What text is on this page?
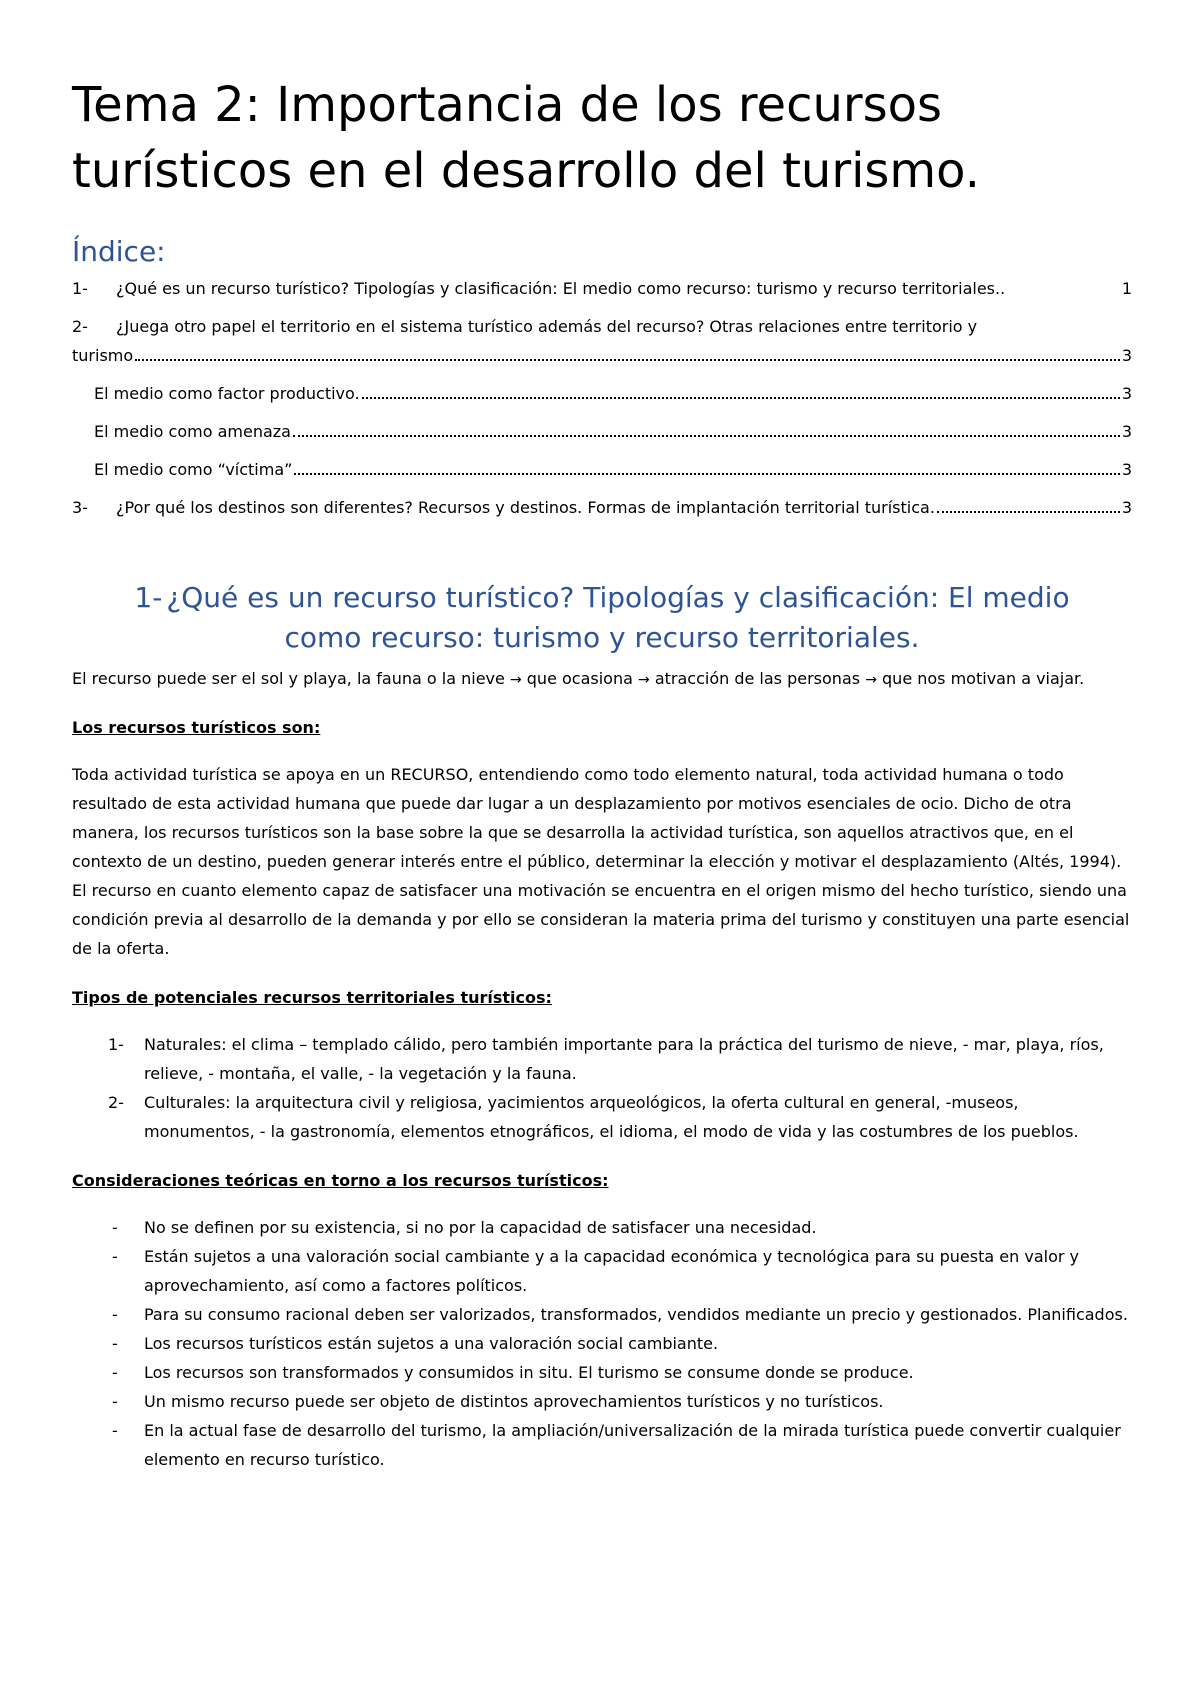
Tema 2: Importancia de los recursos turísticos en el desarrollo del turismo.
Índice:
1-	¿Qué es un recurso turístico? Tipologías y clasificación: El medio como recurso: turismo y recurso territoriales..	1
2-	¿Juega otro papel el territorio en el sistema turístico además del recurso? Otras relaciones entre territorio y
turismo	3
El medio como factor productivo.	3
El medio como amenaza	3
El medio como “víctima”	3
3-	¿Por qué los destinos son diferentes? Recursos y destinos. Formas de implantación territorial turística.	3
1- ¿Qué es un recurso turístico? Tipologías y clasificación: El medio como recurso: turismo y recurso territoriales.

El recurso puede ser el sol y playa, la fauna o la nieve → que ocasiona → atracción de las personas → que nos motivan a viajar.

Los recursos turísticos son:

Toda actividad turística se apoya en un RECURSO, entendiendo como todo elemento natural, toda actividad humana o todo resultado de esta actividad humana que puede dar lugar a un desplazamiento por motivos esenciales de ocio. Dicho de otra manera, los recursos turísticos son la base sobre la que se desarrolla la actividad turística, son aquellos atractivos que, en el contexto de un destino, pueden generar interés entre el público, determinar la elección y motivar el desplazamiento (Altés, 1994). El recurso en cuanto elemento capaz de satisfacer una motivación se encuentra en el origen mismo del hecho turístico, siendo una condición previa al desarrollo de la demanda y por ello se consideran la materia prima del turismo y constituyen una parte esencial de la oferta.

Tipos de potenciales recursos territoriales turísticos:

1-	Naturales: el clima – templado cálido, pero también importante para la práctica del turismo de nieve, - mar, playa, ríos, relieve, - montaña, el valle, - la vegetación y la fauna.
2-	Culturales: la arquitectura civil y religiosa, yacimientos arqueológicos, la oferta cultural en general, -museos, monumentos, - la gastronomía, elementos etnográficos, el idioma, el modo de vida y las costumbres de los pueblos.

Consideraciones teóricas en torno a los recursos turísticos:

-	No se definen por su existencia, si no por la capacidad de satisfacer una necesidad.
-	Están sujetos a una valoración social cambiante y a la capacidad económica y tecnológica para su puesta en valor y aprovechamiento, así como a factores políticos.
-	Para su consumo racional deben ser valorizados, transformados, vendidos mediante un precio y gestionados. Planificados.
-	Los recursos turísticos están sujetos a una valoración social cambiante.
-	Los recursos son transformados y consumidos in situ. El turismo se consume donde se produce.
-	Un mismo recurso puede ser objeto de distintos aprovechamientos turísticos y no turísticos.
-	En la actual fase de desarrollo del turismo, la ampliación/universalización de la mirada turística puede convertir cualquier elemento en recurso turístico.
